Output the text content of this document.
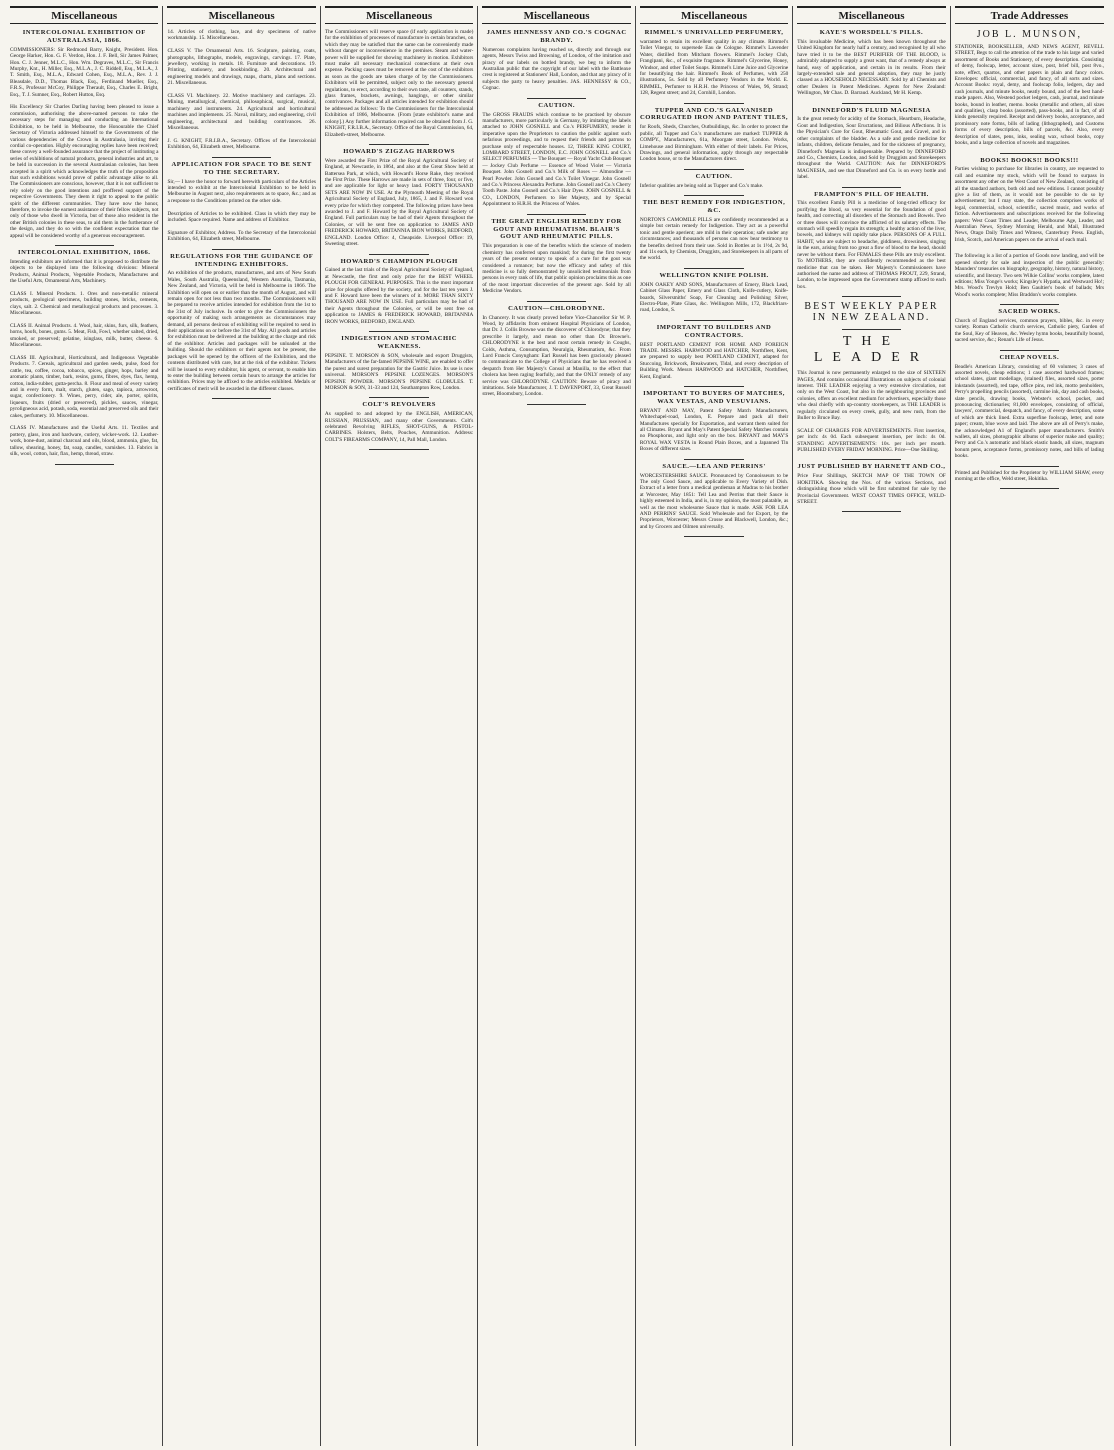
Miscellaneous
INTERCOLONIAL EXHIBITION OF AUSTRALASIA, 1866.

COMMISSIONERS: Sir Redmond Barry, Knight, President. Hon. George Harker, Hon. G. F. Verdon, Hon. J. F. Bell, Sir James Palmer, Hon. C. J. Jenner, M.L.C., Hon. Wm. Degraves, M.L.C., Sir Francis Murphy, Knt., H. Miller, Esq., M.L.A., J. C. Riddell, Esq., M.L.A., J. T. Smith, Esq., M.L.A., Edward Cohen, Esq., M.L.A., Rev. J. J. Bleasdale, D.D., Thomas Black, Esq., Ferdinand Mueller, Esq., F.R.S., Professor McCoy, Philippe Therault, Esq., Charles E. Bright, Esq., T. J. Sumner, Esq., Robert Hutton, Esq.

His Excellency Sir Charles Darling having been pleased to issue a commission, authorising the above-named persons to take the necessary steps for managing and conducting an International Exhibition, to be held in Melbourne, the Honourable the Chief Secretary of Victoria addressed himself to the Governments of the various dependencies of the Crown in Australasia, inviting their cordial co-operation. Highly encouraging replies have been received; these convey a well-founded assurance that the project of instituting a series of exhibitions of natural products, general industries and art, to be held in succession in the several Australasian colonies, has been accepted in a spirit which acknowledges the truth of the proposition that such exhibitions would prove of public advantage alike to all. The Commissioners are conscious, however, that it is not sufficient to rely solely on the good intentions and proffered support of the respective Governments. They deem it right to appeal to the public spirit of the different communities. They have now the honor, therefore, to invoke the earnest assistance of their fellow subjects, not only of those who dwell in Victoria, but of those also resident in the other British colonies in these seas, to aid them in the furtherance of the design, and they do so with the confident expectation that the appeal will be considered worthy of a generous encouragement.

INTERCOLONIAL EXHIBITION, 1866.

Intending exhibitors are informed that it is proposed to distribute the objects to be displayed into the following divisions: Mineral Products, Animal Products, Vegetable Products, Manufactures and the Useful Arts, Ornamental Arts, Machinery.

CLASS I. Mineral Products. 1. Ores and non-metallic mineral products, geological specimens, building stones, bricks, cements, clays, salt. 2. Chemical and metallurgical products and processes. 3. Miscellaneous.

CLASS II. Animal Products. 4. Wool, hair, skins, furs, silk, feathers, horns, hoofs, bones, gums. 5. Meat, Fish, Fowl, whether salted, dried, smoked, or preserved; gelatine, isinglass, milk, butter, cheese. 6. Miscellaneous.

CLASS III. Agricultural, Horticultural, and Indigenous Vegetable Products. 7. Cereals, agricultural and garden seeds, pulse, food for cattle, tea, coffee, cocoa, tobacco, spices, ginger, hops, barley and aromatic plants, timber, bark, resins, gums, fibres, dyes, flax, hemp, cotton, india-rubber, gutta-percha. 8. Flour and meal of every variety and in every form, malt, starch, gluten, sago, tapioca, arrowroot, sugar, confectionery. 9. Wines, perry, cider, ale, porter, spirits, liqueurs, fruits (dried or preserved), pickles, sauces, vinegar, pyroligneous acid, potash, soda, essential and preserved oils and their cakes, perfumery. 10. Miscellaneous.

CLASS IV. Manufactures and the Useful Arts. 11. Textiles and pottery, glass, iron and hardware, cutlery, wicker-work. 12. Leather-work, bone-dust, animal charcoal and oils, blood, ammonia, glue, fat, tallow, shearing, honey, fat, soap, candles, varnishes. 13. Fabrics in silk, wool, cotton, hair, flax, hemp, thread, straw.

Miscellaneous

14. Articles of clothing, lace, and dry specimens of native workmanship. 15. Miscellaneous.

CLASS V. The Ornamental Arts. 16. Sculpture, painting, coats, photographs, lithographs, models, engravings, carvings. 17. Plate, jewellery, working in metals. 18. Furniture and decorations. 19. Printing, stationery, and bookbinding. 20. Architectural and engineering models and drawings, maps, charts, plans and sections. 21. Miscellaneous.

CLASS VI. Machinery. 22. Motive machinery and carriages. 23. Mining, metallurgical, chemical, philosophical, surgical, musical, machinery and instruments. 24. Agricultural and horticultural machines and implements. 25. Naval, military, and engineering, civil engineering, architectural and building contrivances. 26. Miscellaneous.

J. G. KNIGHT, F.R.I.B.A., Secretary. Offices of the Intercolonial Exhibition, 64, Elizabeth street, Melbourne.

APPLICATION FOR SPACE TO BE SENT TO THE SECRETARY.

Sir,— I have the honor to forward herewith particulars of the Articles intended to exhibit at the Intercolonial Exhibition to be held in Melbourne in August next, also requirements as to space, &c.; and as a response to the Conditions printed on the other side.

Description of Articles to be exhibited. Class in which they may be included. Space required. Name and address of Exhibitor.

Signature of Exhibitor, Address. To the Secretary of the Intercolonial Exhibition, 64, Elizabeth street, Melbourne.

REGULATIONS FOR THE GUIDANCE OF INTENDING EXHIBITORS.

An exhibition of the products, manufactures, and arts of New South Wales, South Australia, Queensland, Western Australia, Tasmania, New Zealand, and Victoria, will be held in Melbourne in 1866. The Exhibition will open on or earlier than the month of August, and will remain open for not less than two months. The Commissioners will be prepared to receive articles intended for exhibition from the 1st to the 31st of July inclusive. In order to give the Commissioners the opportunity of making such arrangements as circumstances may demand, all persons desirous of exhibiting will be required to send in their applications on or before the 31st of May. All goods and articles for exhibition must be delivered at the building at the charge and risk of the exhibitor. Articles and packages will be unloaded at the building. Should the exhibitors or their agents not be present, the packages will be opened by the officers of the Exhibition, and the contents distributed with care, but at the risk of the exhibitor. Tickets will be issued to every exhibitor, his agent, or servant, to enable him to enter the building between certain hours to arrange the articles for exhibition. Prices may be affixed to the articles exhibited. Medals or certificates of merit will be awarded in the different classes.

Miscellaneous

The Commissioners will reserve space (if early application is made) for the exhibition of processes of manufacture in certain branches, on which they may be satisfied that the same can be conveniently made without danger or inconvenience in the premises. Steam and water-power will be supplied for showing machinery in motion. Exhibitors must make all necessary mechanical connections at their own expense. Packing cases must be removed at the cost of the exhibitors as soon as the goods are taken charge of by the Commissioners. Exhibitors will be permitted, subject only to the necessary general regulations, to erect, according to their own taste, all counters, stands, glass frames, brackets, awnings, hangings, or other similar contrivances. Packages and all articles intended for exhibition should be addressed as follows: To the Commissioners for the Intercolonial Exhibition of 1866, Melbourne. (From [state exhibitor's name and colony].) Any further information required can be obtained from J. G. KNIGHT, F.R.I.B.A., Secretary. Office of the Royal Commission, 64, Elizabeth-street, Melbourne.

HOWARD'S ZIGZAG HARROWS

Were awarded the First Prize of the Royal Agricultural Society of England, at Newcastle, in 1864, and also at the Great Show held at Battersea Park, at which, with Howard's Horse Rake, they received the First Prize. These Harrows are made in sets of three, four, or five, and are applicable for light or heavy land. FORTY THOUSAND SETS ARE NOW IN USE. At the Plymouth Meeting of the Royal Agricultural Society of England, July, 1865, J. and F. Howard won every prize for which they competed. The following prizes have been awarded to J. and F. Howard by the Royal Agricultural Society of England. Full particulars may be had of their Agents throughout the Colonies, or will be sent free on application to JAMES AND FREDERICK HOWARD, BRITANNIA IRON WORKS, BEDFORD, ENGLAND. London Office: 4, Cheapside. Liverpool Office: 19, Sweeting street.

HOWARD'S CHAMPION PLOUGH

Gained at the last trials of the Royal Agricultural Society of England, at Newcastle, the first and only prize for the BEST WHEEL PLOUGH FOR GENERAL PURPOSES. This is the most important prize for ploughs offered by the society, and for the last ten years J. and F. Howard have been the winners of it. MORE THAN SIXTY THOUSAND ARE NOW IN USE. Full particulars may be had of their Agents throughout the Colonies, or will be sent free on application to JAMES & FREDERICK HOWARD, BRITANNIA IRON WORKS, BEDFORD, ENGLAND.

INDIGESTION AND STOMACHIC WEAKNESS.

PEPSINE. T. MORSON & SON, wholesale and export Druggists, Manufacturers of the far-famed PEPSINE WINE, are enabled to offer the purest and surest preparation for the Gastric Juice. Its use is now universal. MORSON'S PEPSINE LOZENGES. MORSON'S PEPSINE POWDER. MORSON'S PEPSINE GLOBULES. T. MORSON & SON, 31-33 and 124, Southampton Row, London.

COLT'S REVOLVERS

As supplied to and adopted by the ENGLISH, AMERICAN, RUSSIAN, PRUSSIAN, and many other Governments. Colt's celebrated Revolving RIFLES, SHOT-GUNS, & PISTOL-CARBINES. Holsters, Belts, Pouches, Ammunition. Address: COLT'S FIREARMS COMPANY, 14, Pall Mall, London.

Miscellaneous
JAMES HENNESSY AND CO.'S COGNAC BRANDY.

Numerous complaints having reached us, directly and through our agents, Messrs Twiss and Browning, of London, of the imitation and piracy of our labels on bottled brandy, we beg to inform the Australian public that the copyright of our label with the Battleaxe crest is registered at Stationers' Hall, London, and that any piracy of it subjects the party to heavy penalties. JAS. HENNESSY & CO., Cognac.

CAUTION.

The GROSS FRAUDS which continue to be practised by obscure manufacturers, more particularly in Germany, by imitating the labels attached to JOHN GOSNELL and Co.'s PERFUMERY, render it imperative upon the Proprietors to caution the public against such nefarious proceedings, and to request their friends and patrons to purchase only of respectable houses. 12, THREE KING COURT, LOMBARD STREET, LONDON, E.C. JOHN GOSNELL and Co.'s SELECT PERFUMES — The Bouquet — Royal Yacht Club Bouquet — Jockey Club Perfume — Essence of Wood Violet — Victoria Bouquet. John Gosnell and Co.'s Milk of Roses — Almondine — Pearl Powder. John Gosnell and Co.'s Toilet Vinegar. John Gosnell and Co.'s Princess Alexandra Perfume. John Gosnell and Co.'s Cherry Tooth Paste. John Gosnell and Co.'s Hair Dyes. JOHN GOSNELL & CO., LONDON, Perfumers to Her Majesty, and by Special Appointment to H.R.H. the Princess of Wales.

THE GREAT ENGLISH REMEDY FOR GOUT AND RHEUMATISM. BLAIR'S GOUT AND RHEUMATIC PILLS.

This preparation is one of the benefits which the science of modern chemistry has conferred upon mankind; for during the first twenty years of the present century to speak of a cure for the gout was considered a romance; but now the efficacy and safety of this medicine is so fully demonstrated by unsolicited testimonials from persons in every rank of life, that public opinion proclaims this as one of the most important discoveries of the present age. Sold by all Medicine Vendors.

CAUTION—CHLORODYNE.

In Chancery. It was clearly proved before Vice-Chancellor Sir W. P. Wood, by affidavits from eminent Hospital Physicians of London, that Dr. J. Collis Browne was the discoverer of Chlorodyne; that they prescribe it largely, and mean no other than Dr. Browne's. CHLORODYNE is the best and most certain remedy in Coughs, Colds, Asthma, Consumption, Neuralgia, Rheumatism, &c. From Lord Francis Conyngham: Earl Russell has been graciously pleased to communicate to the College of Physicians that he has received a despatch from Her Majesty's Consul at Manilla, to the effect that cholera has been raging fearfully, and that the ONLY remedy of any service was CHLORODYNE. CAUTION: Beware of piracy and imitations. Sole Manufacturer, J. T. DAVENPORT, 33, Great Russell street, Bloomsbury, London.

Miscellaneous
RIMMEL'S UNRIVALLED PERFUMERY,

warranted to retain its excellent quality in any climate. Rimmel's Toilet Vinegar, to supersede Eau de Cologne. Rimmel's Lavender Water, distilled from Mitcham flowers. Rimmel's Jockey Club, Frangipani, &c., of exquisite fragrance. Rimmel's Glycerine, Honey, Windsor, and other Toilet Soaps. Rimmel's Lime Juice and Glycerine for beautifying the hair. Rimmel's Book of Perfumes, with 250 illustrations, 5s. Sold by all Perfumery Vendors in the World. E. RIMMEL, Perfumer to H.R.H. the Princess of Wales, 96, Strand; 128, Regent street; and 24, Cornhill, London.

TUPPER AND CO.'S GALVANISED CORRUGATED IRON AND PATENT TILES,

for Roofs, Sheds, Churches, Outbuildings, &c. In order to protect the public, all Tupper and Co.'s manufactures are marked: TUPPER & COMPY., Manufacturers, 61a, Moorgate street, London. Works, Limehouse and Birmingham. With either of their labels. For Prices, Drawings, and general information, apply through any respectable London house, or to the Manufacturers direct.

CAUTION.

Inferior qualities are being sold as Tupper and Co.'s make.

THE BEST REMEDY FOR INDIGESTION, &C.

NORTON'S CAMOMILE PILLS are confidently recommended as a simple but certain remedy for Indigestion. They act as a powerful tonic and gentle aperient; are mild in their operation; safe under any circumstances; and thousands of persons can now bear testimony to the benefits derived from their use. Sold in Bottles at 1s 1½d, 2s 9d, and 11s each, by Chemists, Druggists, and Storekeepers in all parts of the world.

WELLINGTON KNIFE POLISH.

JOHN OAKEY AND SONS, Manufacturers of Emery, Black Lead, Cabinet Glass Paper, Emery and Glass Cloth, Knife-cutlery, Knife-boards, Silversmiths' Soap, For Cleaning and Polishing Silver, Electro-Plate, Plate Glass, &c. Wellington Mills, 172, Blackfriars-road, London, S.

IMPORTANT TO BUILDERS AND CONTRACTORS.

BEST PORTLAND CEMENT FOR HOME AND FOREIGN TRADE. MESSRS. HARWOOD and HATCHER, Northfleet, Kent, are prepared to supply best PORTLAND CEMENT, adapted for Stuccoing, Brickwork, Breakwaters, Tidal, and every description of Building Work. Messrs HARWOOD and HATCHER, Northfleet, Kent, England.

IMPORTANT TO BUYERS OF MATCHES, WAX VESTAS, AND VESUVIANS.

BRYANT AND MAY, Patent Safety Match Manufacturers, Whitechapel-road, London, E. Prepare and pack all their Manufactures specially for Exportation, and warrant them suited for all Climates. Bryant and May's Patent Special Safety Matches contain no Phosphorus, and light only on the box. BRYANT and MAY'S ROYAL WAX VESTA in Round Plain Boxes, and a Japanned Tin Boxes of different sizes.

SAUCE.—LEA AND PERRINS'

WORCESTERSHIRE SAUCE. Pronounced by Connoisseurs to be The only Good Sauce, and applicable to Every Variety of Dish. Extract of a letter from a medical gentleman at Madras to his brother at Worcester, May 1851: Tell Lea and Perrins that their Sauce is highly esteemed in India, and is, in my opinion, the most palatable, as well as the most wholesome Sauce that is made. ASK FOR LEA AND PERRINS' SAUCE. Sold Wholesale and for Export, by the Proprietors, Worcester; Messrs Crosse and Blackwell, London, &c.; and by Grocers and Oilmen universally.

Miscellaneous
KAYE'S WORSDELL'S PILLS.

This invaluable Medicine, which has been known throughout the United Kingdom for nearly half a century, and recognised by all who have tried it to be the BEST PURIFIER OF THE BLOOD, is admirably adapted to supply a great want, that of a remedy always at hand, easy of application, and certain in its results. From their largely-extended sale and general adoption, they may be justly classed as a HOUSEHOLD NECESSARY. Sold by all Chemists and other Dealers in Patent Medicines. Agents for New Zealand: Wellington, Mr Chas. D. Barraud. Auckland, Mr H. Kemp.

DINNEFORD'S FLUID MAGNESIA

Is the great remedy for acidity of the Stomach, Heartburn, Headache, Gout and Indigestion, Sour Eructations, and Bilious Affections. It is the Physician's Cure for Gout, Rheumatic Gout, and Gravel, and in other complaints of the bladder. As a safe and gentle medicine for infants, children, delicate females, and for the sickness of pregnancy, Dinneford's Magnesia is indispensable. Prepared by DINNEFORD and Co., Chemists, London, and Sold by Druggists and Storekeepers throughout the World. CAUTION: Ask for DINNEFORD'S MAGNESIA, and see that Dinneford and Co. is on every bottle and label.

FRAMPTON'S PILL OF HEALTH.

This excellent Family Pill is a medicine of long-tried efficacy for purifying the blood, so very essential for the foundation of good health, and correcting all disorders of the Stomach and Bowels. Two or three doses will convince the afflicted of its salutary effects. The stomach will speedily regain its strength; a healthy action of the liver, bowels, and kidneys will rapidly take place. PERSONS OF A FULL HABIT, who are subject to headache, giddiness, drowsiness, singing in the ears, arising from too great a flow of blood to the head, should never be without them. For FEMALES these Pills are truly excellent. To MOTHERS, they are confidently recommended as the best medicine that can be taken. Her Majesty's Commissioners have authorised the name and address of THOMAS PROUT, 229, Strand, London, to be impressed upon the Government stamp affixed to each box.

BEST WEEKLY PAPER IN NEW ZEALAND.
THE LEADER

This Journal is now permanently enlarged to the size of SIXTEEN PAGES, And contains occasional Illustrations on subjects of colonial interest. THE LEADER enjoying a very extensive circulation, not only on the West Coast, but also in the neighbouring provinces and colonies, offers an excellent medium for advertisers, especially those who deal chiefly with up-country storekeepers, as THE LEADER is regularly circulated on every creek, gully, and new rush, from the Buller to Bruce Bay.

SCALE OF CHARGES FOR ADVERTISEMENTS. First insertion, per inch: 4s 0d. Each subsequent insertion, per inch: 4s 0d. STANDING ADVERTISEMENTS: 10s. per inch per month. PUBLISHED EVERY FRIDAY MORNING. Price—One Shilling.

JUST PUBLISHED BY HARNETT AND CO.,

Price Four Shillings, SKETCH MAP OF THE TOWN OF HOKITIKA. Showing the Nos. of the various Sections, and distinguishing those which will be first submitted for sale by the Provincial Government. WEST COAST TIMES OFFICE, WELD-STREET.

Trade Addresses
JOB L. MUNSON,

STATIONER, BOOKSELLER, AND NEWS AGENT, REVELL STREET, Begs to call the attention of the trade to his large and varied assortment of Books and Stationery, of every description. Consisting of demy, foolscap, letter, account sizes, post, brief bill, post 8vo., note, effect, quartos, and other papers in plain and fancy colors. Envelopes: official, commercial, and fancy, of all sorts and sizes. Account Books: royal, demy, and foolscap folio, ledgers, day and cash journals, and minute books, neatly bound, and of the best hand-made papers. Also, Westend pocket ledgers, cash, journal, and minute books, bound in leather, memo. books (metallic and others, all sizes and qualities), clasp books (assorted), pass-books, and in fact, of all kinds generally required. Receipt and delivery books, acceptance, and promissory note forms, bills of lading (lithographed), and Customs forms of every description, bills of parcels, &c. Also, every description of slates, pens, inks, sealing wax, school books, copy books, and a large collection of novels and magazines.

BOOKS! BOOKS!! BOOKS!!!

Parties wishing to purchase for libraries in country, are requested to call and examine my stock, which will be found to surpass in assortment any other on the West Coast of New Zealand, consisting of all the standard authors, both old and new editions. I cannot possibly give a list of them, as it would not be possible to do so by advertisement; but I may state, the collection comprises works of legal, commercial, school, scientific, sacred music, and works of fiction. Advertisements and subscriptions received for the following papers: West Coast Times and Leader, Melbourne Age, Leader, and Australian News, Sydney Morning Herald, and Mail, Illustrated News, Otago Daily Times and Witness, Canterbury Press. English, Irish, Scotch, and American papers on the arrival of each mail.

The following is a list of a portion of Goods now landing, and will be opened shortly for sale and inspection of the public generally: Maunders' treasuries on biography, geography, history, natural history, scientific, and literary. Two sets Wilkie Collins' works complete, latest editions; Miss Yonge's works; Kingsley's Hypatia, and Westward Ho!; Mrs. Wood's Trevlyn Hold; Ben Gaultier's book of ballads; Mrs Wood's works complete; Miss Braddon's works complete.

SACRED WORKS.

Church of England services, common prayers, bibles, &c. in every variety. Roman Catholic church services, Catholic piety, Garden of the Soul, Key of Heaven, &c. Wesley hymn books, beautifully bound, sacred service, &c.; Renan's Life of Jesus.

CHEAP NOVELS.

Beadle's American Library, consisting of 60 volumes; 3 cases of assorted novels, cheap editions; 1 case assorted hardwood frames; school slates, giant modellage, (stained) files, assorted sizes, porter inkstands (assorted), red tape, office pins, red ink, motto penholders, Perry's propelling pencils (assorted), carmine ink, day and cash books, slate pencils, drawing books, Webster's school, pocket, and pronouncing dictionaries; 81,000 envelopes, consisting of official, lawyers', commercial, despatch, and fancy, of every description, some of which are thick lined. Extra superfine foolscap, letter, and note paper; cream, blue wove and laid. The above are all of Perry's make, the acknowledged A1 of England's paper manufacturers. Smith's wallets, all sizes, photographic albums of superior make and quality; Perry and Co.'s automatic and black elastic bands, all sizes, magnum bonum pens, acceptance forms, promissory notes, and bills of lading books.

Printed and Published for the Proprietor by WILLIAM SHAW, every morning at the office, Weld street, Hokitika.
